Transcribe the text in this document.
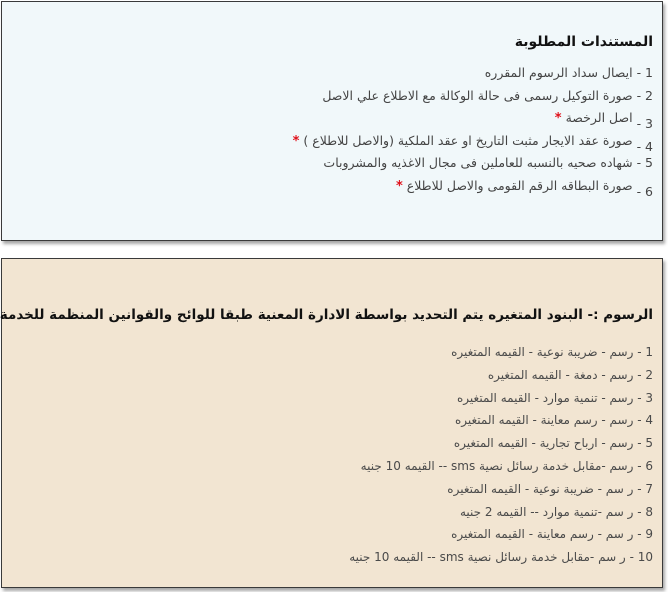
المستندات المطلوبة
1 - ايصال سداد الرسوم المقرره
2 - صورة التوكيل رسمى فى حالة الوكالة مع الاطلاع علي الاصل
3 - اصل الرخصة*
4 - صورة عقد الايجار مثبت التاريخ او عقد الملكية (والاصل للاطلاع )*
5 - شهاده صحيه بالنسبه للعاملين فى مجال الاغذيه والمشروبات
6 - صورة البطاقه الرقم القومى والاصل للاطلاع*
الرسوم :- البنود المتغيره يتم التحديد بواسطة الادارة المعنية طبقا للوائح والقوانين المنظمة للخدمة
1 - رسم - ضريبة نوعية - القيمه المتغيره
2 - رسم - دمغة - القيمه المتغيره
3 - رسم - تنمية موارد - القيمه المتغيره
4 - رسم - رسم معاينة - القيمه المتغيره
5 - رسم - ارباح تجارية - القيمه المتغيره
6 - رسم -مقابل خدمة رسائل نصية sms -- القيمه 10 جنيه
7 - ر سم - ضريبة نوعية - القيمه المتغيره
8 - ر سم -تنمية موارد -- القيمه 2 جنيه
9 - ر سم - رسم معاينة - القيمه المتغيره
10 - ر سم -مقابل خدمة رسائل نصية sms -- القيمه 10 جنيه
